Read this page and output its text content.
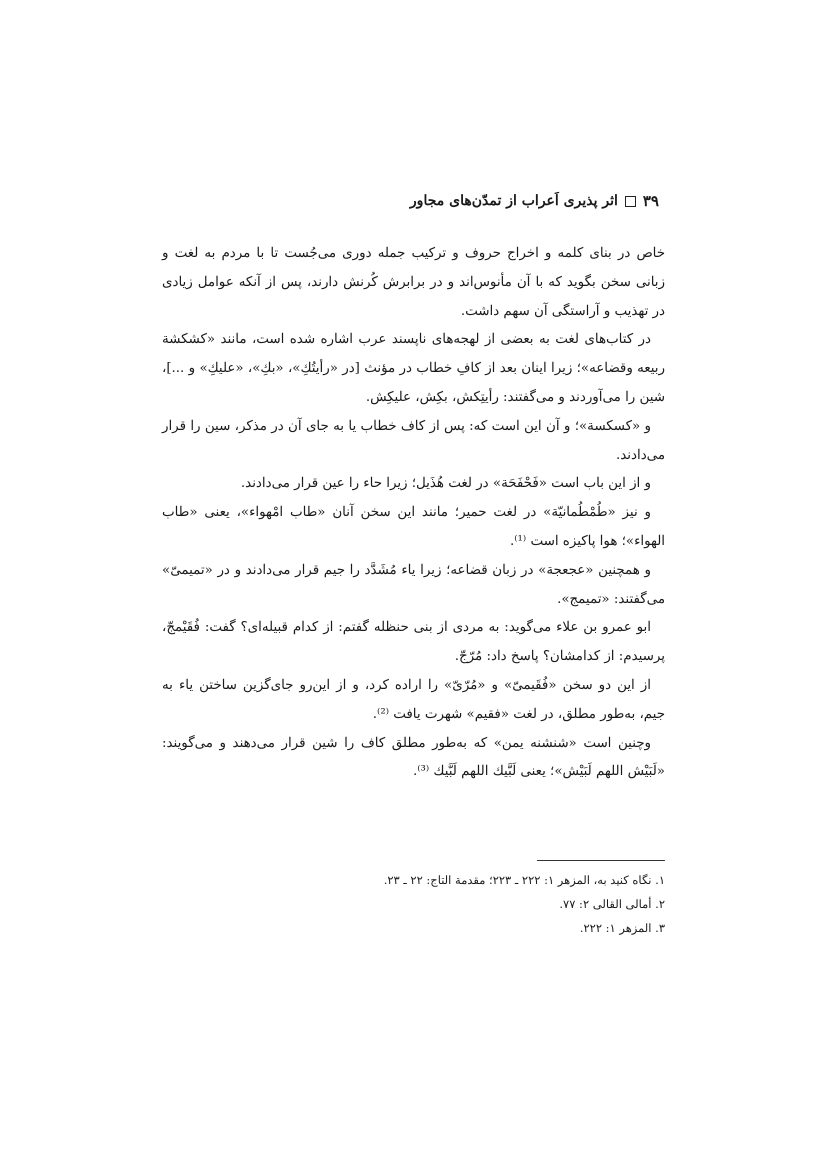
۳۹
اثر پذیری اَعراب از تمدّن‌های مجاور

خاص در بنای کلمه و اخراج حروف و ترکیب جمله دوری می‌جُست تا با مردم به لغت و زبانی سخن بگوید که با آن مأنوس‌اند و در برابرش کُرنش دارند، پس از آنکه عوامل زیادی در تهذیب و آراستگی آن سهم داشت.

در کتاب‌های لغت به بعضی از لهجه‌های ناپسند عرب اشاره شده است، مانند «کشکشة ربیعه وقضاعه»؛ زیرا اینان بعد از کافِ خطاب در مؤنث [در «رأیتُكِ»، «بكِ»، «علیكِ» و ...]، شین را می‌آوردند و می‌گفتند: رأیتِکش، بکِش، علیکِش.

و «کسکسة»؛ و آن این است که: پس از کاف خطاب یا به جای آن در مذکر، سین را قرار می‌دادند.

و از این باب است «فَحْفَحَة» در لغت هُذَیل؛ زیرا حاء را عین قرار می‌دادند.

و نیز «طُمْطُمانیّة» در لغت حمیر؛ مانند این سخن آنان «طاب امْهواء»، یعنی «طاب الهواء»؛ هوا پاکیزه است ⁽¹⁾.

و همچنین «عجعجة» در زبان قضاعه؛ زیرا یاء مُشَدَّد را جیم قرار می‌دادند و در «تمیمیّ» می‌گفتند: «تمیمج».

ابو عمرو بن علاء می‌گوید: به مردی از بنی حنظله گفتم: از کدام قبیله‌ای؟ گفت: فُقَیْمجّ، پرسیدم: از کدامشان؟ پاسخ داد: مُرّجّ.

از این دو سخن «فُقَیمیّ» و «مُرّیّ» را اراده کرد، و از این‌رو جای‌گزین ساختن یاء به جیم، به‌طور مطلق، در لغت «فقیم» شهرت یافت ⁽²⁾.

وچنین است «شنشنه یمن» که به‌طور مطلق کاف را شین قرار می‌دهند و می‌گویند: «لَبَیْش اللهم لَبَیْش»؛ یعنی لَبَّیك اللهم لَبَّیك ⁽³⁾.

۱. نگاه کنید به، المزهر ۱: ۲۲۲ ـ ۲۲۳؛ مقدمة التاج: ۲۲ ـ ۲۳.

۲. أمالی القالی ۲: ۷۷.

۳. المزهر ۱: ۲۲۲.
